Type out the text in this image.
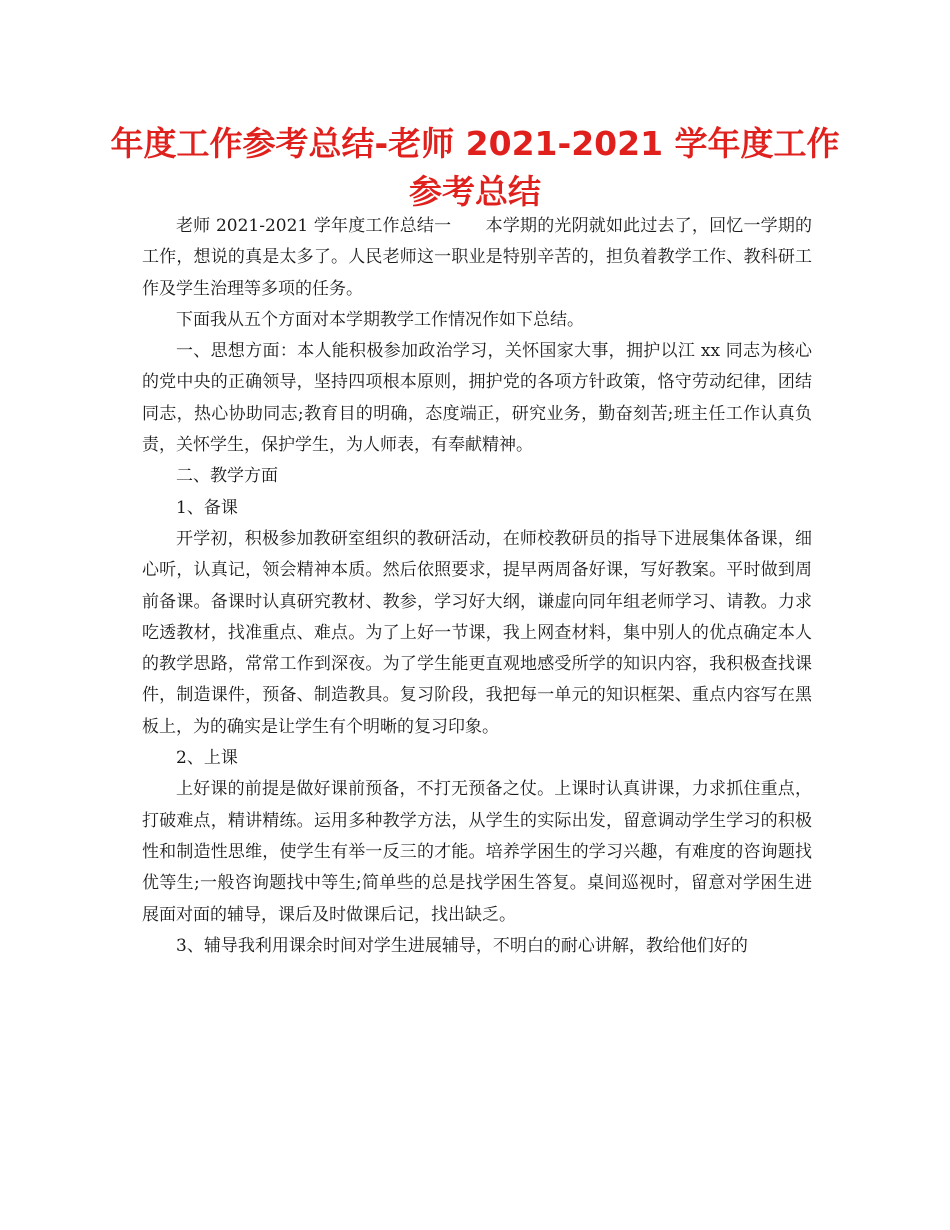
年度工作参考总结-老师 2021-2021 学年度工作
参考总结

老师 2021-2021 学年度工作总结一　　本学期的光阴就如此过去了，回忆一学期的工作，想说的真是太多了。人民老师这一职业是特别辛苦的，担负着教学工作、教科研工作及学生治理等多项的任务。

下面我从五个方面对本学期教学工作情况作如下总结。

一、思想方面：本人能积极参加政治学习，关怀国家大事，拥护以江 xx 同志为核心的党中央的正确领导，坚持四项根本原则，拥护党的各项方针政策，恪守劳动纪律，团结同志，热心协助同志;教育目的明确，态度端正，研究业务，勤奋刻苦;班主任工作认真负责，关怀学生，保护学生，为人师表，有奉献精神。

二、教学方面

1、备课

开学初，积极参加教研室组织的教研活动，在师校教研员的指导下进展集体备课，细心听，认真记，领会精神本质。然后依照要求，提早两周备好课，写好教案。平时做到周前备课。备课时认真研究教材、教参，学习好大纲，谦虚向同年组老师学习、请教。力求吃透教材，找准重点、难点。为了上好一节课，我上网查材料，集中别人的优点确定本人的教学思路，常常工作到深夜。为了学生能更直观地感受所学的知识内容，我积极查找课件，制造课件，预备、制造教具。复习阶段，我把每一单元的知识框架、重点内容写在黑板上，为的确实是让学生有个明晰的复习印象。

2、上课

上好课的前提是做好课前预备，不打无预备之仗。上课时认真讲课，力求抓住重点，打破难点，精讲精练。运用多种教学方法，从学生的实际出发，留意调动学生学习的积极性和制造性思维，使学生有举一反三的才能。培养学困生的学习兴趣，有难度的咨询题找优等生;一般咨询题找中等生;简单些的总是找学困生答复。桌间巡视时，留意对学困生进展面对面的辅导，课后及时做课后记，找出缺乏。

3、辅导我利用课余时间对学生进展辅导，不明白的耐心讲解，教给他们好的
